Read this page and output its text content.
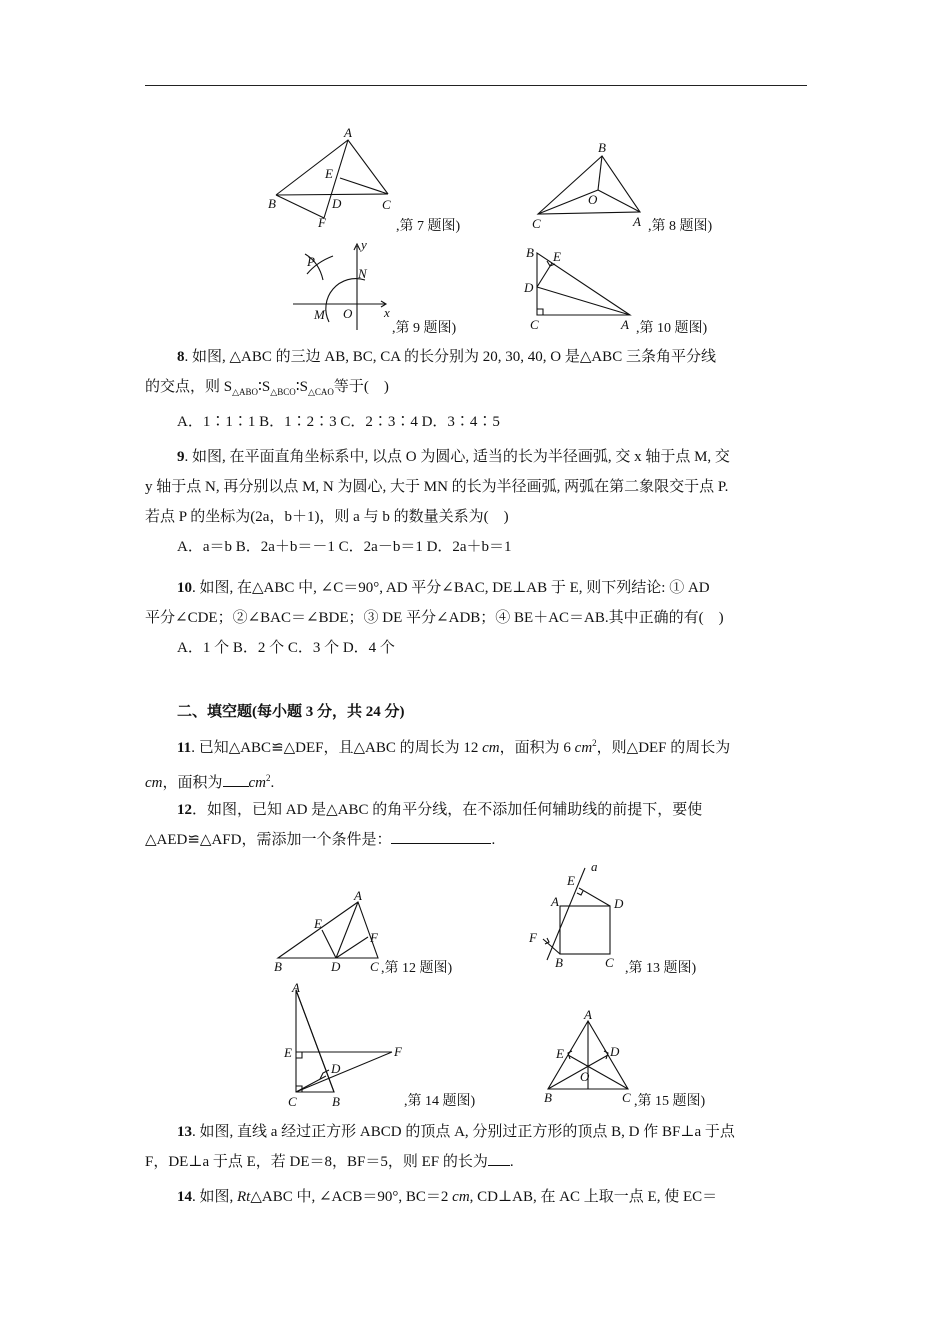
A
B	C
D
E
F	,第 7 题图)
B
O
C	A ,第 8 题图)
y
P
N
M O x
,第 9 题图)
B E
D
C	A ,第 10 题图)
8. 如图, △ABC 的三边 AB, BC, CA 的长分别为 20, 30, 40, O 是△ABC 三条角平分线
的交点，则 $S_{\triangle ABO}∶S_{\triangle BCO}∶S_{\triangle CAO}$等于(　)
A．1∶1∶1 B．1∶2∶3 C．2∶3∶4 D．3∶4∶5
9. 如图, 在平面直角坐标系中, 以点 O 为圆心, 适当的长为半径画弧, 交 x 轴于点 M, 交
y 轴于点 N, 再分别以点 M, N 为圆心, 大于 MN 的长为半径画弧, 两弧在第二象限交于点 P.
若点 P 的坐标为(2a，b＋1)，则 a 与 b 的数量关系为(　)
A．a＝b B．2a＋b＝－1 C．2a－b＝1 D．2a＋b＝1
10. 如图, 在△ABC 中, ∠C＝90°, AD 平分∠BAC, DE⊥AB 于 E, 则下列结论: ① AD
平分∠CDE；②∠BAC＝∠BDE；③ DE 平分∠ADB；④ BE＋AC＝AB.其中正确的有(　)
A．1 个 B．2 个 C．3 个 D．4 个
二、填空题(每小题 3 分，共 24 分)
11. 已知△ABC≌△DEF，且△ABC 的周长为 12 cm，面积为 6 $cm^2$，则△DEF 的周长为
cm，面积为 $cm^2$.
12．如图，已知 AD 是△ABC 的角平分线，在不添加任何辅助线的前提下，要使
△AED≌△AFD，需添加一个条件是：	.
A
E
F
B	D C ,第 12 题图)
E
a
A	D
F
B	C ,第 13 题图)
A
E	F
D
C	B	,第 14 题图)
A
E	D
O
B	C ,第 15 题图)
13. 如图, 直线 a 经过正方形 ABCD 的顶点 A, 分别过正方形的顶点 B, D 作 BF⊥a 于点
F，DE⊥a 于点 E，若 DE＝8，BF＝5，则 EF 的长为 .
14. 如图, Rt△ABC 中, ∠ACB＝90°, BC＝2 cm, CD⊥AB, 在 AC 上取一点 E, 使 EC＝
